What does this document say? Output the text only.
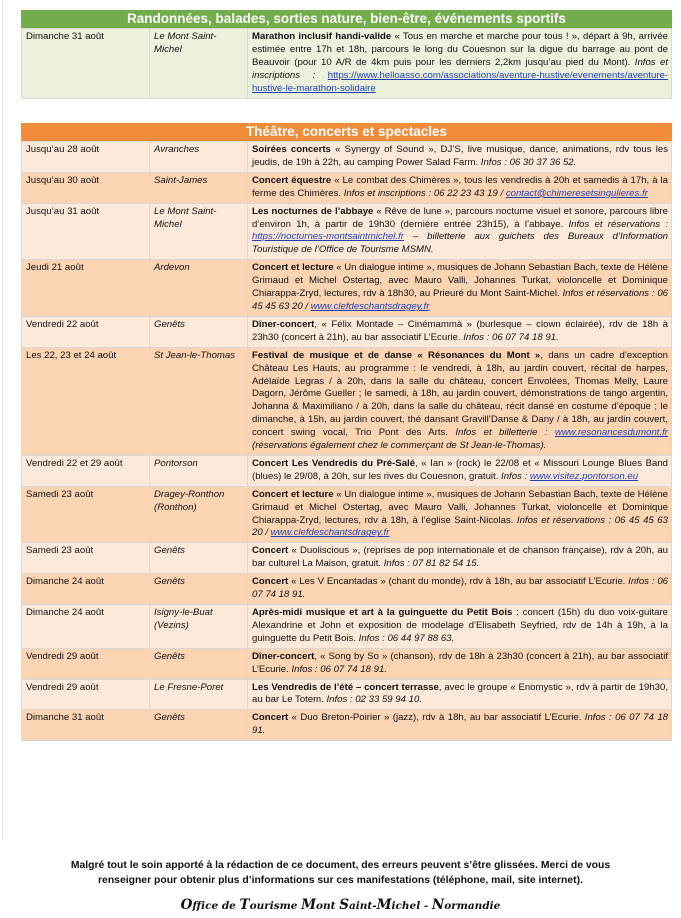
Randonnées, balades, sorties nature, bien-être, événements sportifs
Dimanche 31 août	Le Mont Saint-Michel	Marathon inclusif handi-valide « Tous en marche et marche pour tous ! », départ à 9h, arrivée estimée entre 17h et 18h, parcours le long du Couesnon sur la digue du barrage au pont de Beauvoir (pour 10 A/R de 4km puis pour les derniers 2,2km jusqu’au pied du Mont). Infos et inscriptions : https://www.helloasso.com/associations/aventure-hustive/evenements/aventure-hustive-le-marathon-solidaire
Théâtre, concerts et spectacles
Jusqu’au 28 août	Avranches	Soirées concerts « Synergy of Sound », DJ’S, live musique, dance, animations, rdv tous les jeudis, de 19h à 22h, au camping Power Salad Farm. Infos : 06 30 37 36 52.
Jusqu’au 30 août	Saint-James	Concert équestre « Le combat des Chimères », tous les vendredis à 20h et samedis à 17h, à la ferme des Chimères. Infos et inscriptions : 06 22 23 43 19 / contact@chimeresetsingulieres.fr
Jusqu’au 31 août	Le Mont Saint-Michel	Les nocturnes de l’abbaye « Rêve de lune », parcours nocturne visuel et sonore, parcours libre d’environ 1h, à partir de 19h30 (dernière entrée 23h15), à l’abbaye. Infos et réservations : https://nocturnes-montsaintmichel.fr – billetterie aux guichets des Bureaux d’Information Touristique de l’Office de Tourisme MSMN.
Jeudi 21 août	Ardevon	Concert et lecture « Un dialogue intime », musiques de Johann Sebastian Bach, texte de Hélène Grimaud et Michel Ostertag, avec Mauro Valli, Johannes Turkat, violoncelle et Dominique Chiarappa-Zryd, lectures, rdv à 18h30, au Prieuré du Mont Saint-Michel. Infos et réservations : 06 45 45 63 20 / www.clefdeschantsdragey.fr
Vendredi 22 août	Genêts	Dîner-concert, « Félix Montade – Cinémammà » (burlesque – clown éclairée), rdv de 18h à 23h30 (concert à 21h), au bar associatif L’Ecurie. Infos : 06 07 74 18 91.
Les 22, 23 et 24 août	St Jean-le-Thomas	Festival de musique et de danse « Résonances du Mont », dans un cadre d’exception Château Les Hauts, au programme : le vendredi, à 18h, au jardin couvert, récital de harpes, Adélaïde Legras / à 20h, dans la salle du château, concert Envolées, Thomas Melly, Laure Dagorn, Jérôme Gueller ; le samedi, à 18h, au jardin couvert, démonstrations de tango argentin, Johanna & Maximiliano / à 20h, dans la salle du château, récit dansé en costume d’époque ; le dimanche, à 15h, au jardin couvert, thé dansant Gravill’Danse & Dany / à 18h, au jardin couvert, concert swing vocal, Trio Pont des Arts. Infos et billetterie : www.resonancesdumont.fr (réservations également chez le commerçant de St Jean-le-Thomas).
Vendredi 22 et 29 août	Pontorson	Concert Les Vendredis du Pré-Salé, « Ian » (rock) le 22/08 et « Missouri Lounge Blues Band (blues) le 29/08, à 20h, sur les rives du Couesnon, gratuit. Infos : www.visitez.pontorson.eu
Samedi 23 août	Dragey-Ronthon (Ronthon)	Concert et lecture « Un dialogue intime », musiques de Johann Sebastian Bach, texte de Hélène Grimaud et Michel Ostertag, avec Mauro Valli, Johannes Turkat, violoncelle et Dominique Chiarappa-Zryd, lectures, rdv à 18h, à l’église Saint-Nicolas. Infos et réservations : 06 45 45 63 20 / www.clefdeschantsdragey.fr
Samedi 23 août	Genêts	Concert « Duoliscious », (reprises de pop internationale et de chanson française), rdv à 20h, au bar culturel La Maison, gratuit. Infos : 07 81 82 54 15.
Dimanche 24 août	Genêts	Concert « Les V Encantadas » (chant du monde), rdv à 18h, au bar associatif L’Ecurie. Infos : 06 07 74 18 91.
Dimanche 24 août	Isigny-le-Buat (Vezins)	Après-midi musique et art à la guinguette du Petit Bois : concert (15h) du duo voix-guitare Alexandrine et John et exposition de modelage d’Elisabeth Seyfried, rdv de 14h à 19h, à la guinguette du Petit Bois. Infos : 06 44 97 88 63.
Vendredi 29 août	Genêts	Dîner-concert, « Song by So » (chanson), rdv de 18h à 23h30 (concert à 21h), au bar associatif L’Ecurie. Infos : 06 07 74 18 91.
Vendredi 29 août	Le Fresne-Poret	Les Vendredis de l’été – concert terrasse, avec le groupe « Enomystic », rdv à partir de 19h30, au bar Le Totem. Infos : 02 33 59 94 10.
Dimanche 31 août	Genêts	Concert « Duo Breton-Poirier » (jazz), rdv à 18h, au bar associatif L’Ecurie. Infos : 06 07 74 18 91.
Malgré tout le soin apporté à la rédaction de ce document, des erreurs peuvent s’être glissées. Merci de vous
renseigner pour obtenir plus d’informations sur ces manifestations (téléphone, mail, site internet).
Office de Tourisme Mont Saint-Michel - Normandie
